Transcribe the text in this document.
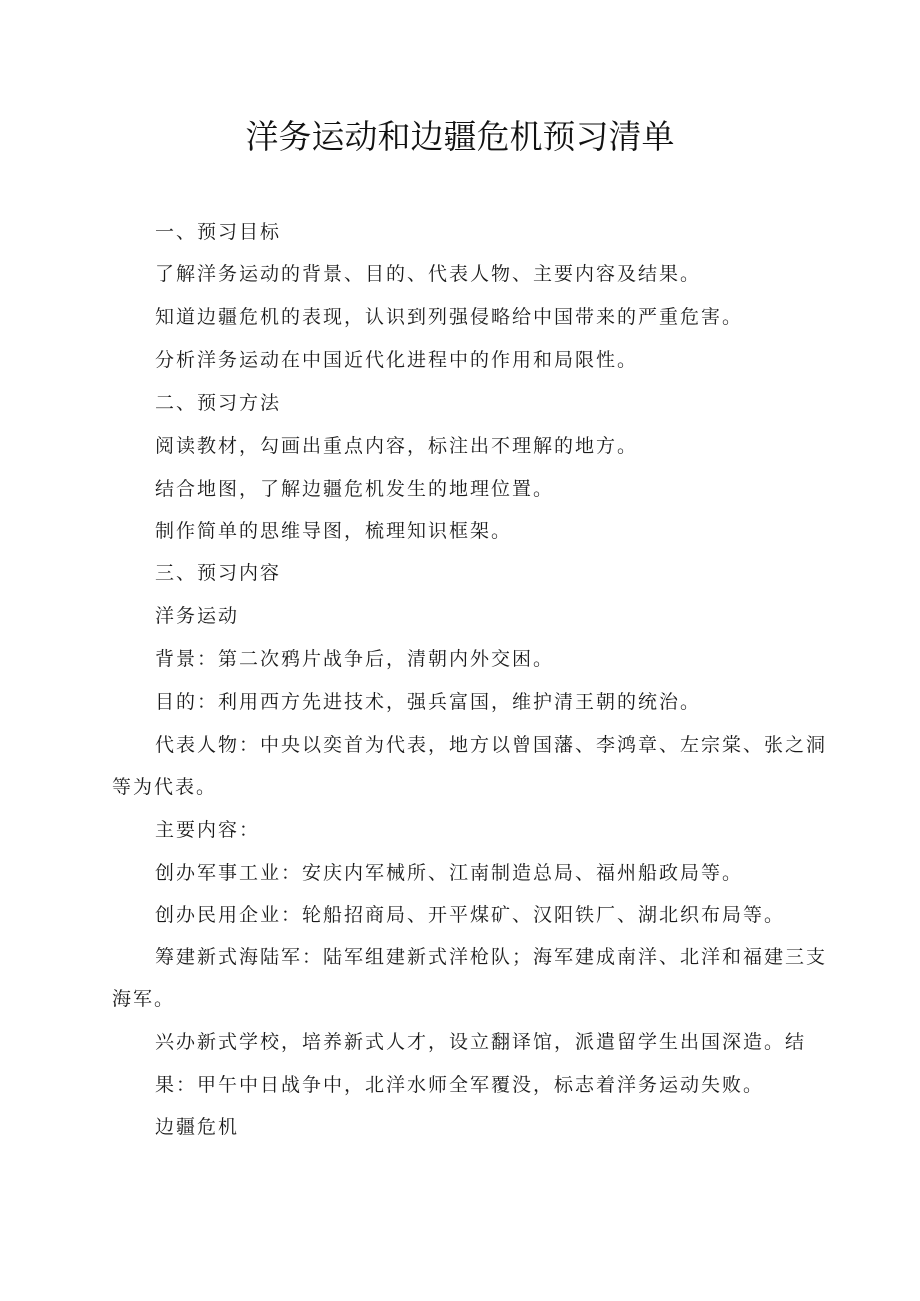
洋务运动和边疆危机预习清单

一、预习目标

了解洋务运动的背景、目的、代表人物、主要内容及结果。

知道边疆危机的表现，认识到列强侵略给中国带来的严重危害。

分析洋务运动在中国近代化进程中的作用和局限性。

二、预习方法

阅读教材，勾画出重点内容，标注出不理解的地方。

结合地图，了解边疆危机发生的地理位置。

制作简单的思维导图，梳理知识框架。

三、预习内容

洋务运动

背景：第二次鸦片战争后，清朝内外交困。

目的：利用西方先进技术，强兵富国，维护清王朝的统治。

代表人物：中央以奕首为代表，地方以曾国藩、李鸿章、左宗棠、张之洞

等为代表。

主要内容：

创办军事工业：安庆内军械所、江南制造总局、福州船政局等。

创办民用企业：轮船招商局、开平煤矿、汉阳铁厂、湖北织布局等。

筹建新式海陆军：陆军组建新式洋枪队；海军建成南洋、北洋和福建三支

海军。

兴办新式学校，培养新式人才，设立翻译馆，派遣留学生出国深造。结

果：甲午中日战争中，北洋水师全军覆没，标志着洋务运动失败。

边疆危机
